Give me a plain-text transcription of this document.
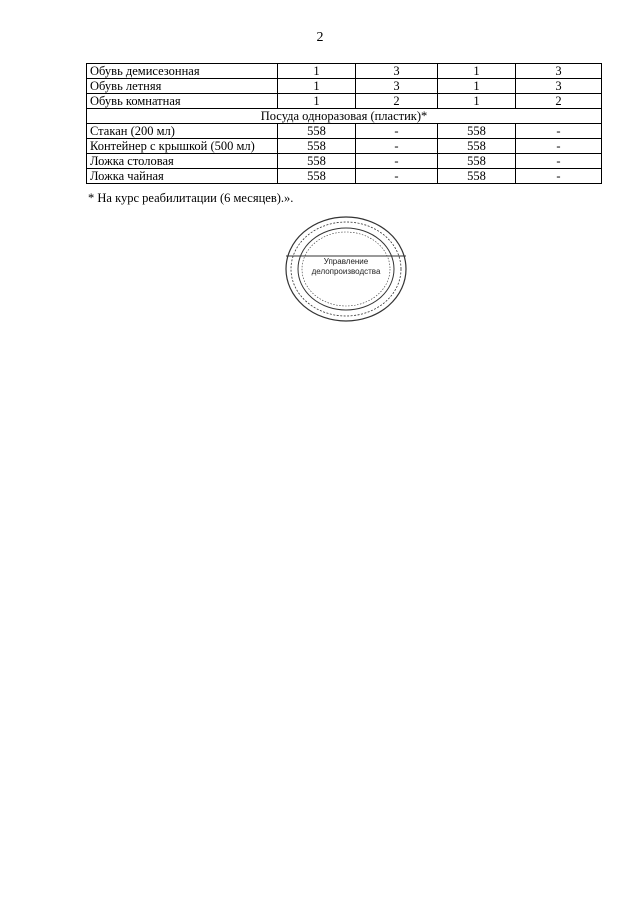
2
Обувь демисезонная	1	3	1	3
Обувь летняя	1	3	1	3
Обувь комнатная	1	2	1	2
Посуда одноразовая (пластик)*				
Стакан (200 мл)	558	-	558	-
Контейнер с крышкой (500 мл)	558	-	558	-
Ложка столовая	558	-	558	-
Ложка чайная	558	-	558	-
* На курс реабилитации (6 месяцев).».
Управление
делопроизводства
